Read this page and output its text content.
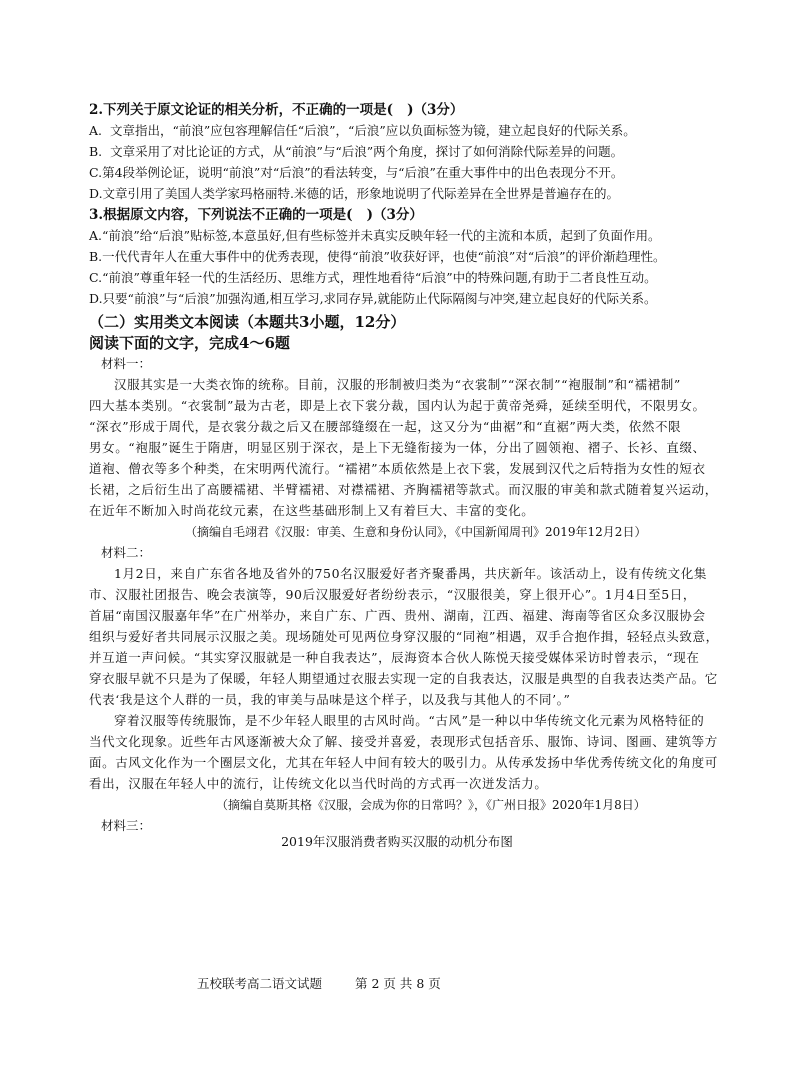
2.下列关于原文论证的相关分析，不正确的一项是(   )（3分）
A.  文章指出，“前浪”应包容理解信任“后浪”，“后浪”应以负面标签为镜，建立起良好的代际关系。
B.  文章采用了对比论证的方式，从“前浪”与“后浪”两个角度，探讨了如何消除代际差异的问题。
C.第4段举例论证，说明“前浪”对“后浪”的看法转变，与“后浪”在重大事件中的出色表现分不开。
D.文章引用了美国人类学家玛格丽特.米德的话，形象地说明了代际差异在全世界是普遍存在的。
3.根据原文内容，下列说法不正确的一项是(   )（3分）
A.“前浪”给“后浪”贴标签,本意虽好,但有些标签并未真实反映年轻一代的主流和本质，起到了负面作用。
B.一代代青年人在重大事件中的优秀表现，使得“前浪”收获好评，也使“前浪”对“后浪”的评价渐趋理性。
C.“前浪”尊重年轻一代的生活经历、思维方式，理性地看待“后浪”中的特殊问题,有助于二者良性互动。
D.只要“前浪”与“后浪”加强沟通,相互学习,求同存异,就能防止代际隔阂与冲突,建立起良好的代际关系。
（二）实用类文本阅读（本题共3小题，12分）
阅读下面的文字，完成4～6题
材料一：
汉服其实是一大类衣饰的统称。目前，汉服的形制被归类为“衣裳制”“深衣制”“袍服制”和“襦裙制”
四大基本类别。“衣裳制”最为古老，即是上衣下裳分裁，国内认为起于黄帝尧舜，延续至明代，不限男女。
“深衣”形成于周代，是衣裳分裁之后又在腰部缝缀在一起，这又分为“曲裾”和“直裾”两大类，依然不限
男女。“袍服”诞生于隋唐，明显区别于深衣，是上下无缝衔接为一体，分出了圆领袍、褶子、长衫、直缀、
道袍、僧衣等多个种类，在宋明两代流行。“襦裙”本质依然是上衣下裳，发展到汉代之后特指为女性的短衣
长裙，之后衍生出了高腰襦裙、半臂襦裙、对襟襦裙、齐胸襦裙等款式。而汉服的审美和款式随着复兴运动，
在近年不断加入时尚花纹元素，在这些基础形制上又有着巨大、丰富的变化。
（摘编自毛翊君《汉服：审美、生意和身份认同》，《中国新闻周刊》2019年12月2日）
材料二：
1月2日，来自广东省各地及省外的750名汉服爱好者齐聚番禺，共庆新年。该活动上，设有传统文化集
市、汉服社团报告、晚会表演等，90后汉服爱好者纷纷表示，“汉服很美，穿上很开心”。1月4日至5日，
首届“南国汉服嘉年华”在广州举办，来自广东、广西、贵州、湖南，江西、福建、海南等省区众多汉服协会
组织与爱好者共同展示汉服之美。现场随处可见两位身穿汉服的“同袍”相遇，双手合抱作揖，轻轻点头致意，
并互道一声问候。“其实穿汉服就是一种自我表达”，辰海资本合伙人陈悦天接受媒体采访时曾表示，“现在
穿衣服早就不只是为了保暖，年轻人期望通过衣服去实现一定的自我表达，汉服是典型的自我表达类产品。它
代表‘我是这个人群的一员，我的审美与品味是这个样子，以及我与其他人的不同’。”
穿着汉服等传统服饰，是不少年轻人眼里的古风时尚。“古风”是一种以中华传统文化元素为风格特征的
当代文化现象。近些年古风逐渐被大众了解、接受并喜爱，表现形式包括音乐、服饰、诗词、图画、建筑等方
面。古风文化作为一个圈层文化，尤其在年轻人中间有较大的吸引力。从传承发扬中华优秀传统文化的角度可
看出，汉服在年轻人中的流行，让传统文化以当代时尚的方式再一次迸发活力。
（摘编自莫斯其格《汉服，会成为你的日常吗？》，《广州日报》2020年1月8日）
材料三：
2019年汉服消费者购买汉服的动机分布图
五校联考高二语文试题	第 2 页 共 8 页
